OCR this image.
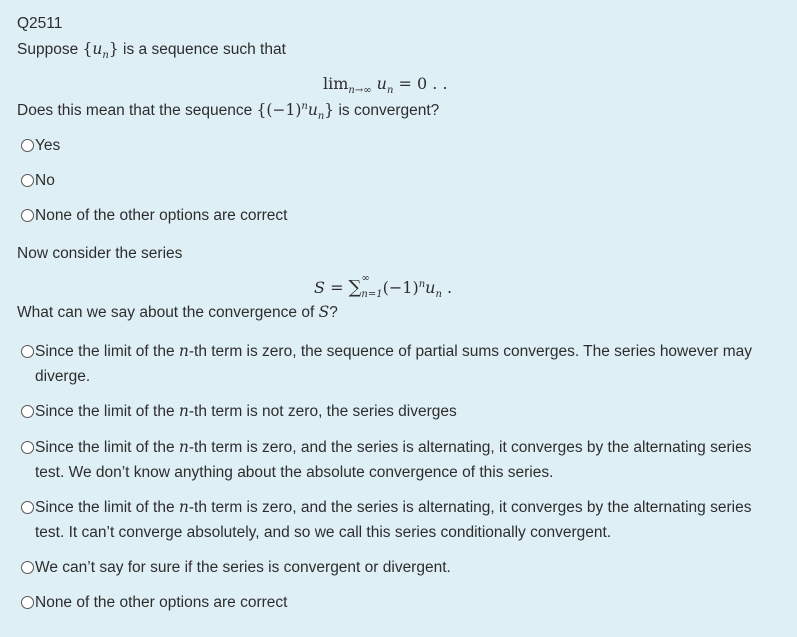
Q2511
Suppose $\{u_n\}$ is a sequence such that
$\lim_{n\to\infty} u_n = 0$ . .
Does this mean that the sequence $\{(-1)^nu_n\}$ is convergent?
Yes
No
None of the other options are correct
Now consider the series
S = ∑ ∞
$n=1(-1)^nu_n$ .
What can we say about the convergence of S?
Since the limit of the n-th term is zero, the sequence of partial sums converges. The series however may diverge.
Since the limit of the n-th term is not zero, the series diverges
Since the limit of the n-th term is zero, and the series is alternating, it converges by the alternating series test. We don’t know anything about the absolute convergence of this series.
Since the limit of the n-th term is zero, and the series is alternating, it converges by the alternating series test. It can’t converge absolutely, and so we call this series conditionally convergent.
We can’t say for sure if the series is convergent or divergent.
None of the other options are correct
